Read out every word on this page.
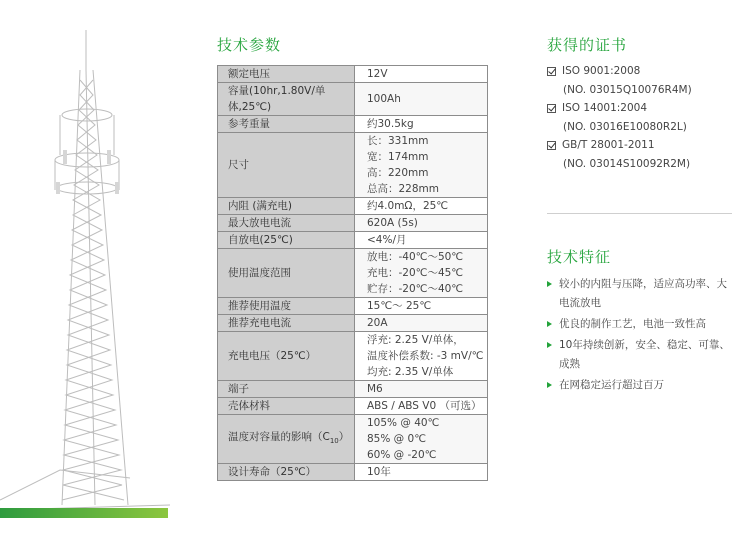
技术参数
额定电压	12V

容量(10hr,1.80V/单体,25℃)	100Ah

参考重量	约30.5kg

尺寸	长：331mm
宽：174mm
高：220mm
总高：228mm

内阻 (满充电)	约4.0mΩ，25℃

最大放电电流	620A (5s)

自放电(25℃)	<4%/月

使用温度范围	放电：-40℃～50℃
充电：-20℃～45℃
贮存：-20℃～40℃

推荐使用温度	15℃～ 25℃

推荐充电电流	20A

充电电压（25℃）	浮充: 2.25 V/单体，
温度补偿系数: -3 mV/℃
均充: 2.35 V/单体

端子	M6

壳体材料	ABS / ABS V0 （可选）

温度对容量的影响$(C_{10})$	105% @ 40℃
85% @ 0℃
60% @ -20℃

设计寿命（25℃）	10年
获得的证书
ISO 9001:2008
(NO. 03015Q10076R4M)
ISO 14001:2004
(NO. 03016E10080R2L)
GB/T 28001-2011
(NO. 03014S10092R2M)
技术特征
较小的内阻与压降，适应高功率、大
电流放电
优良的制作工艺，电池一致性高
10年持续创新，安全、稳定、可靠、
成熟
在网稳定运行超过百万
